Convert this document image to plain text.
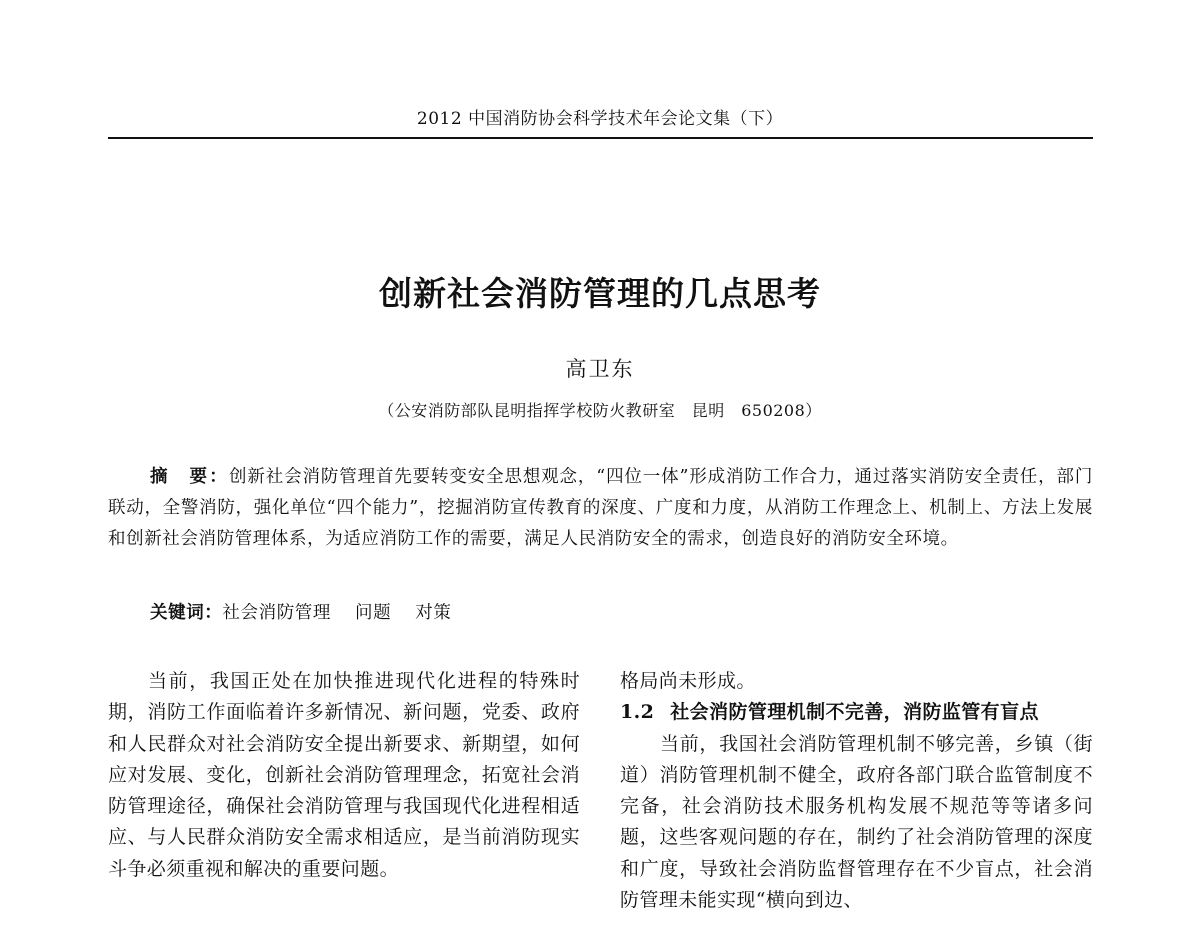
2012 中国消防协会科学技术年会论文集（下）
创新社会消防管理的几点思考
高卫东
（公安消防部队昆明指挥学校防火教研室　昆明　650208）
摘　要：创新社会消防管理首先要转变安全思想观念，“四位一体”形成消防工作合力，通过落实消防安全责任，部门联动，全警消防，强化单位“四个能力”，挖掘消防宣传教育的深度、广度和力度，从消防工作理念上、机制上、方法上发展和创新社会消防管理体系，为适应消防工作的需要，满足人民消防安全的需求，创造良好的消防安全环境。
关键词：社会消防管理 问题 对策

当前，我国正处在加快推进现代化进程的特殊时期，消防工作面临着许多新情况、新问题，党委、政府和人民群众对社会消防安全提出新要求、新期望，如何应对发展、变化，创新社会消防管理理念，拓宽社会消防管理途径，确保社会消防管理与我国现代化进程相适应、与人民群众消防安全需求相适应，是当前消防现实斗争必须重视和解决的重要问题。

格局尚未形成。

1.2 社会消防管理机制不完善，消防监管有盲点

当前，我国社会消防管理机制不够完善，乡镇（街道）消防管理机制不健全，政府各部门联合监管制度不完备，社会消防技术服务机构发展不规范等等诸多问题，这些客观问题的存在，制约了社会消防管理的深度和广度，导致社会消防监督管理存在不少盲点，社会消防管理未能实现“横向到边、
